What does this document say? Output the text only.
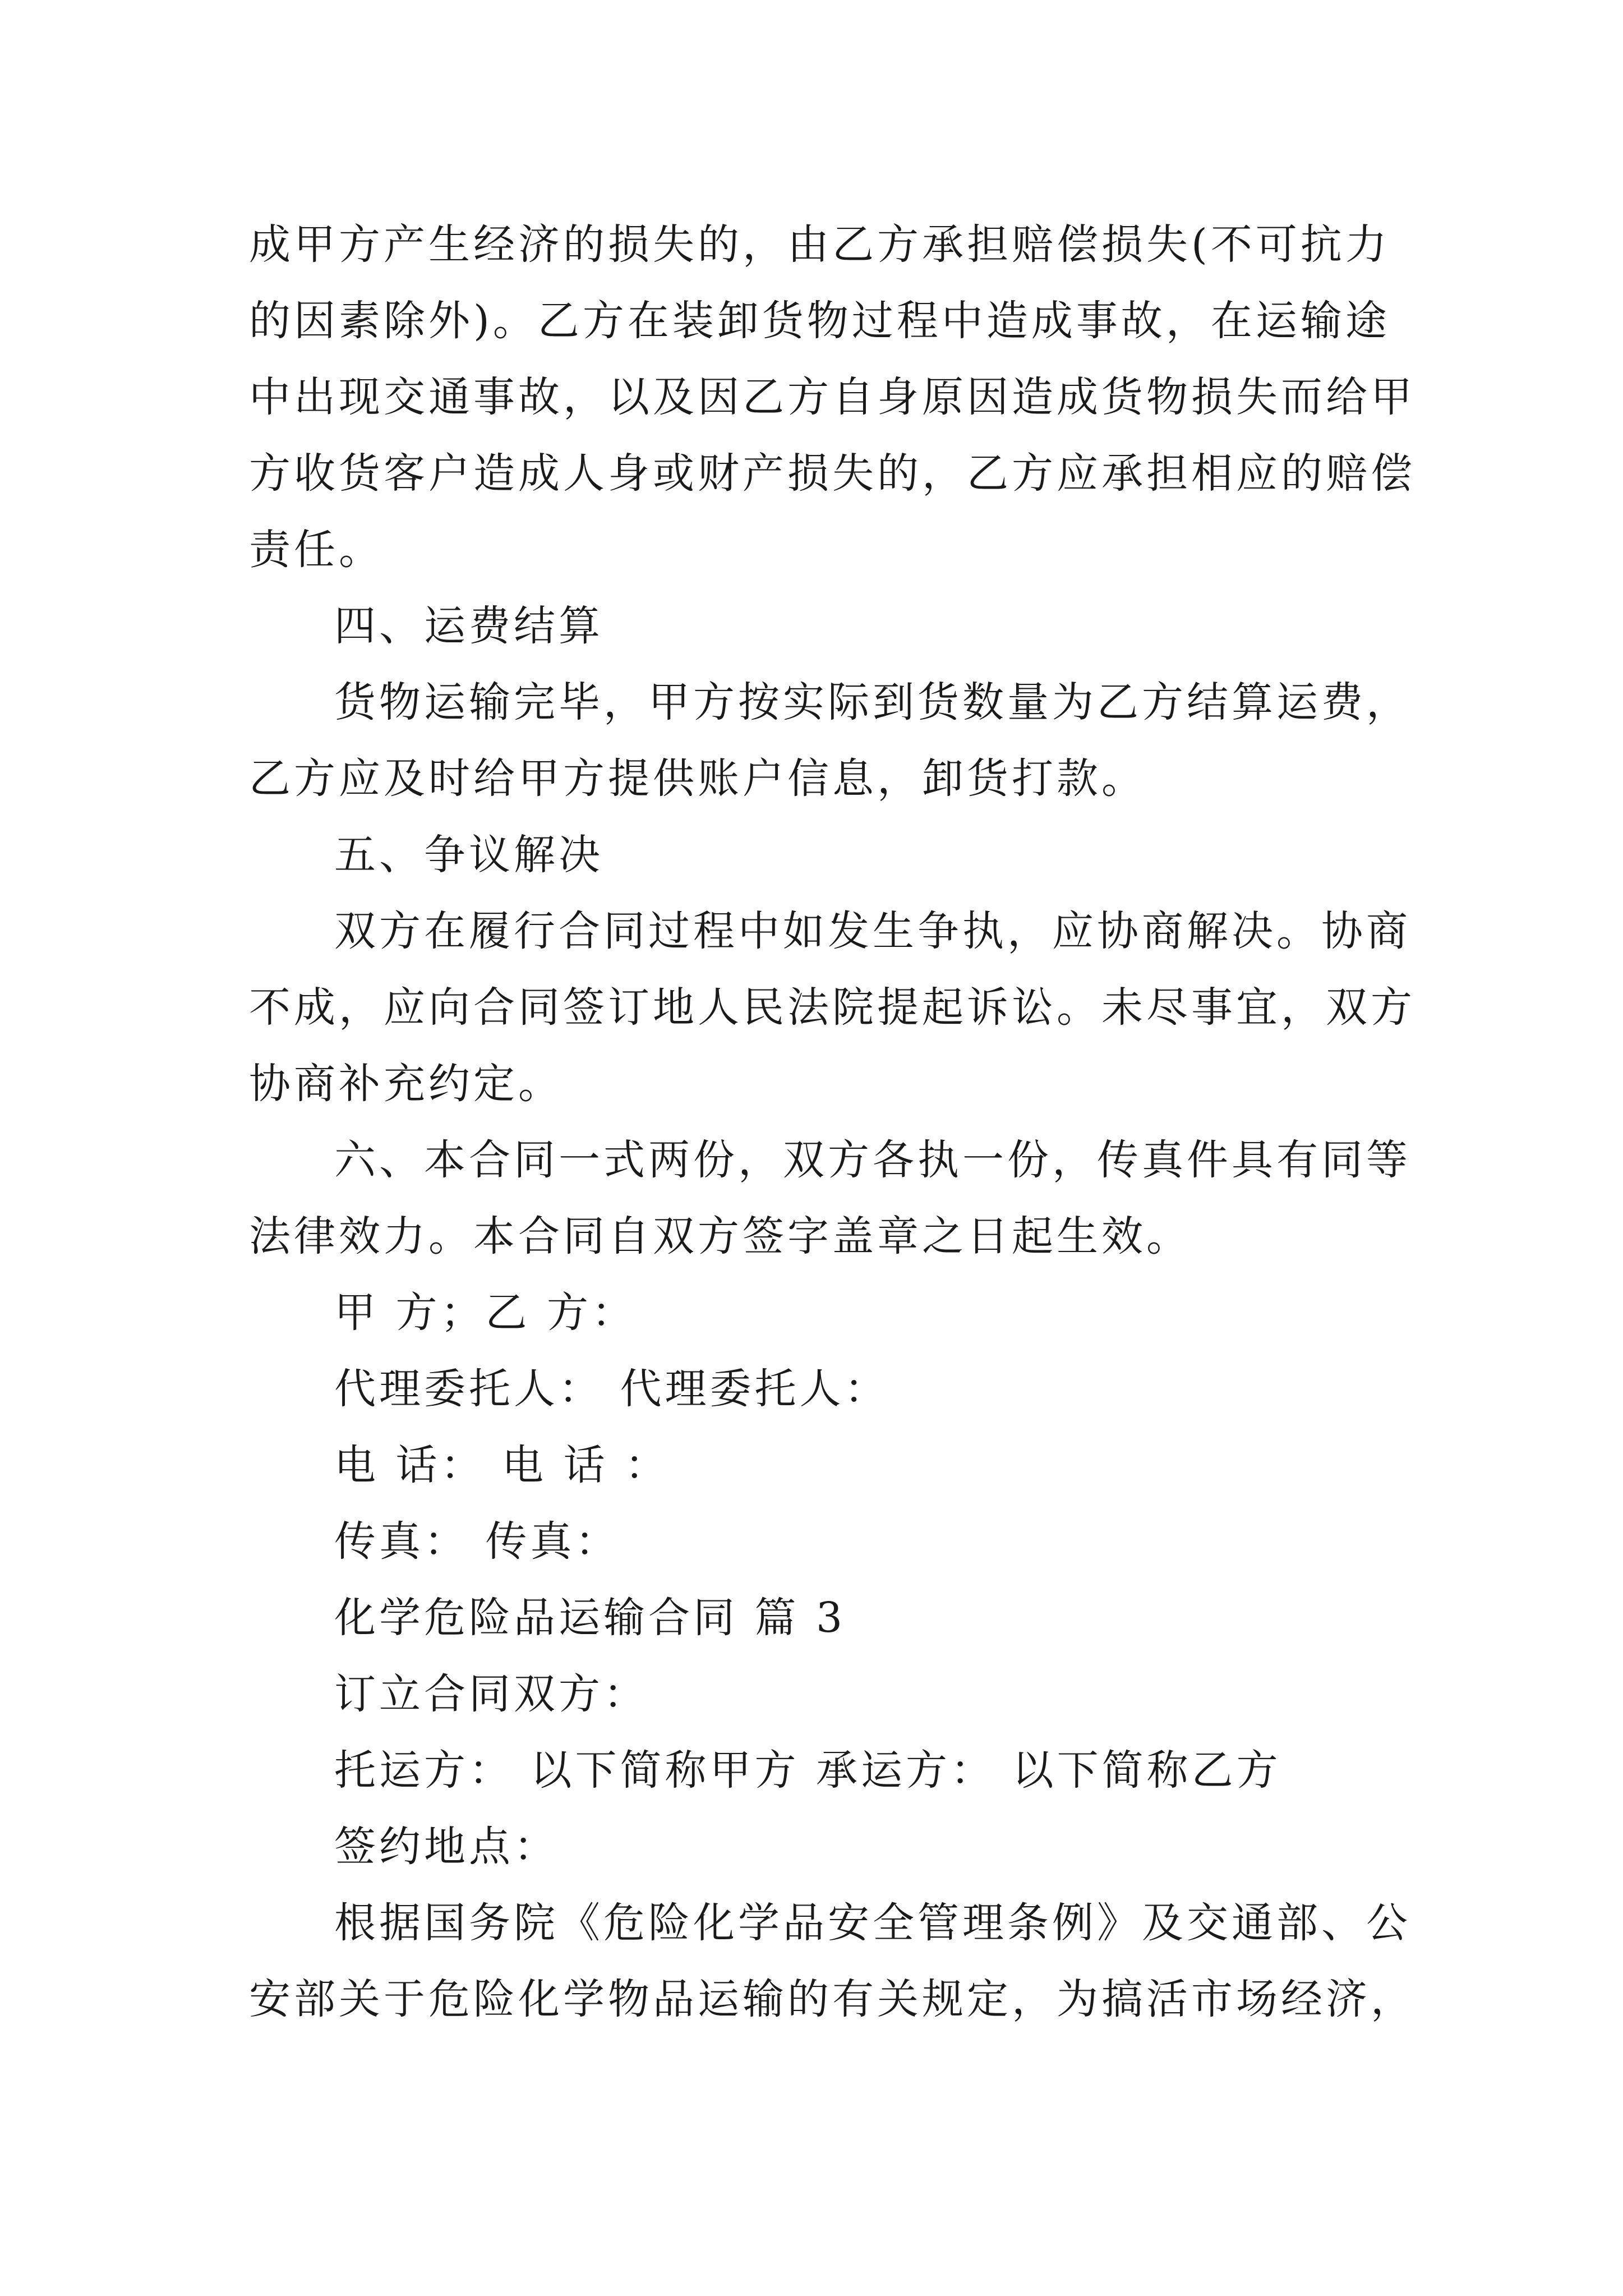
成甲方产生经济的损失的，由乙方承担赔偿损失(不可抗力
的因素除外)。乙方在装卸货物过程中造成事故，在运输途
中出现交通事故，以及因乙方自身原因造成货物损失而给甲
方收货客户造成人身或财产损失的，乙方应承担相应的赔偿
责任。
四、运费结算
货物运输完毕，甲方按实际到货数量为乙方结算运费，
乙方应及时给甲方提供账户信息，卸货打款。
五、争议解决
双方在履行合同过程中如发生争执，应协商解决。协商
不成，应向合同签订地人民法院提起诉讼。未尽事宜，双方
协商补充约定。
六、本合同一式两份，双方各执一份，传真件具有同等
法律效力。本合同自双方签字盖章之日起生效。
甲 方；乙 方：
代理委托人： 代理委托人：
电 话： 电 话 ：
传真： 传真：
化学危险品运输合同 篇 3
订立合同双方：
托运方： 以下简称甲方 承运方： 以下简称乙方
签约地点：
根据国务院《危险化学品安全管理条例》及交通部、公
安部关于危险化学物品运输的有关规定，为搞活市场经济，
